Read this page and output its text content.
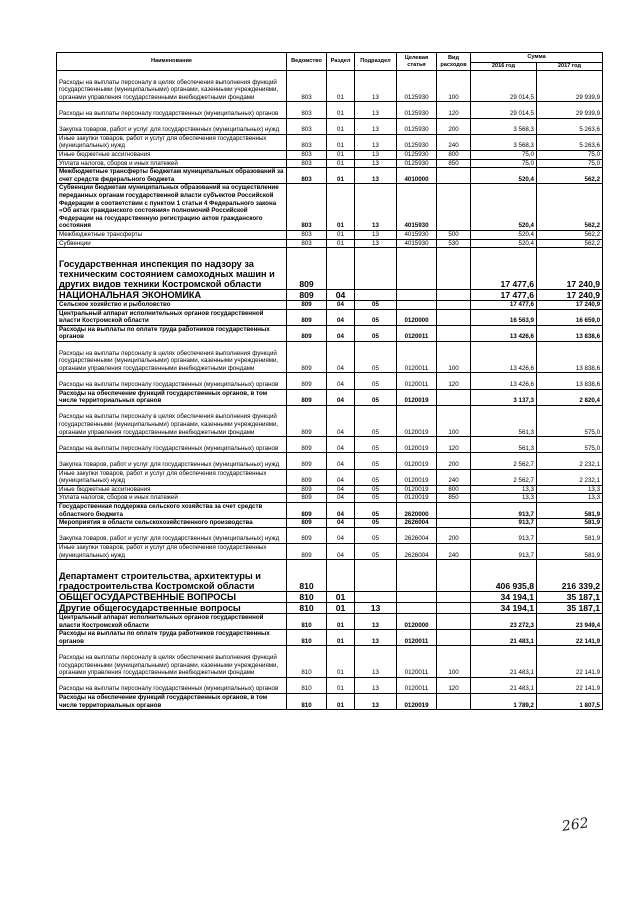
Наименование	Ведомство	Раздел	Подраздел	Целевая статья	Вид расходов	Сумма	
						2016 год	2017 год
Расходы на выплаты персоналу в целях обеспечения выполнения функций государственными (муниципальными) органами, казенными учреждениями, органами управления государственными внебюджетными фондами	803	01	13	0125930	100	29 014,5	29 939,9
Расходы на выплаты персоналу государственных (муниципальных) органов	803	01	13	0125930	120	29 014,5	29 939,9
Закупка товаров, работ и услуг для государственных (муниципальных) нужд	803	01	13	0125930	200	3 568,3	5 263,6
Иные закупки товаров, работ и услуг для обеспечения государственных (муниципальных) нужд	803	01	13	0125930	240	3 568,3	5 263,6
Иные бюджетные ассигнования	803	01	13	0125930	800	75,0	75,0
Уплата налогов, сборов и иных платежей	803	01	13	0125930	850	75,0	75,0
Межбюджетные трансферты бюджетам муниципальных образований за счет средств федерального бюджета	803	01	13	4010000		520,4	562,2
Субвенции бюджетам муниципальных образований на осуществление переданных органам государственной власти субъектов Российской Федерации в соответствии с пунктом 1 статьи 4 Федерального закона «Об актах гражданского состояния» полномочий Российской Федерации на государственную регистрацию актов гражданского состояния	803	01	13	4015930		520,4	562,2
Межбюджетные трансферты	803	01	13	4015930	500	520,4	562,2
Субвенции	803	01	13	4015930	530	520,4	562,2
Государственная инспекция по надзору за техническим состоянием самоходных машин и других видов техники Костромской области	809					17 477,6	17 240,9
НАЦИОНАЛЬНАЯ ЭКОНОМИКА	809	04				17 477,6	17 240,9
Сельское хозяйство и рыболовство	809	04	05			17 477,6	17 240,9
Центральный аппарат исполнительных органов государственной власти Костромской области	809	04	05	0120000		16 563,9	16 659,0
Расходы на выплаты по оплате труда работников государственных органов	809	04	05	0120011		13 426,6	13 838,6
Расходы на выплаты персоналу в целях обеспечения выполнения функций государственными (муниципальными) органами, казенными учреждениями, органами управления государственными внебюджетными фондами	809	04	05	0120011	100	13 426,6	13 838,6
Расходы на выплаты персоналу государственных (муниципальных) органов	809	04	05	0120011	120	13 426,6	13 838,6
Расходы на обеспечение функций государственных органов, в том числе территориальных органов	809	04	05	0120019		3 137,3	2 820,4
Расходы на выплаты персоналу в целях обеспечения выполнения функций государственными (муниципальными) органами, казенными учреждениями, органами управления государственными внебюджетными фондами	809	04	05	0120019	100	561,3	575,0
Расходы на выплаты персоналу государственных (муниципальных) органов	809	04	05	0120019	120	561,3	575,0
Закупка товаров, работ и услуг для государственных (муниципальных) нужд	809	04	05	0120019	200	2 562,7	2 232,1
Иные закупки товаров, работ и услуг для обеспечения государственных (муниципальных) нужд	809	04	05	0120019	240	2 562,7	2 232,1
Иные бюджетные ассигнования	809	04	05	0120019	800	13,3	13,3
Уплата налогов, сборов и иных платежей	809	04	05	0120019	850	13,3	13,3
Государственная поддержка сельского хозяйства за счет средств областного бюджета	809	04	05	2620000		913,7	581,9
Мероприятия в области сельскохозяйственного производства	809	04	05	2626004		913,7	581,9
Закупка товаров, работ и услуг для государственных (муниципальных) нужд	809	04	05	2626004	200	913,7	581,9
Иные закупки товаров, работ и услуг для обеспечения государственных (муниципальных) нужд	809	04	05	2626004	240	913,7	581,9
Департамент строительства, архитектуры и градостроительства Костромской области	810					406 935,8	216 339,2
ОБЩЕГОСУДАРСТВЕННЫЕ ВОПРОСЫ	810	01				34 194,1	35 187,1
Другие общегосударственные вопросы	810	01	13			34 194,1	35 187,1
Центральный аппарат исполнительных органов государственной власти Костромской области	810	01	13	0120000		23 272,3	23 949,4
Расходы на выплаты по оплате труда работников государственных органов	810	01	13	0120011		21 483,1	22 141,9
Расходы на выплаты персоналу в целях обеспечения выполнения функций государственными (муниципальными) органами, казенными учреждениями, органами управления государственными внебюджетными фондами	810	01	13	0120011	100	21 483,1	22 141,9
Расходы на выплаты персоналу государственных (муниципальных) органов	810	01	13	0120011	120	21 483,1	22 141,9
Расходы на обеспечение функций государственных органов, в том числе территориальных органов	810	01	13	0120019		1 789,2	1 807,5
262
